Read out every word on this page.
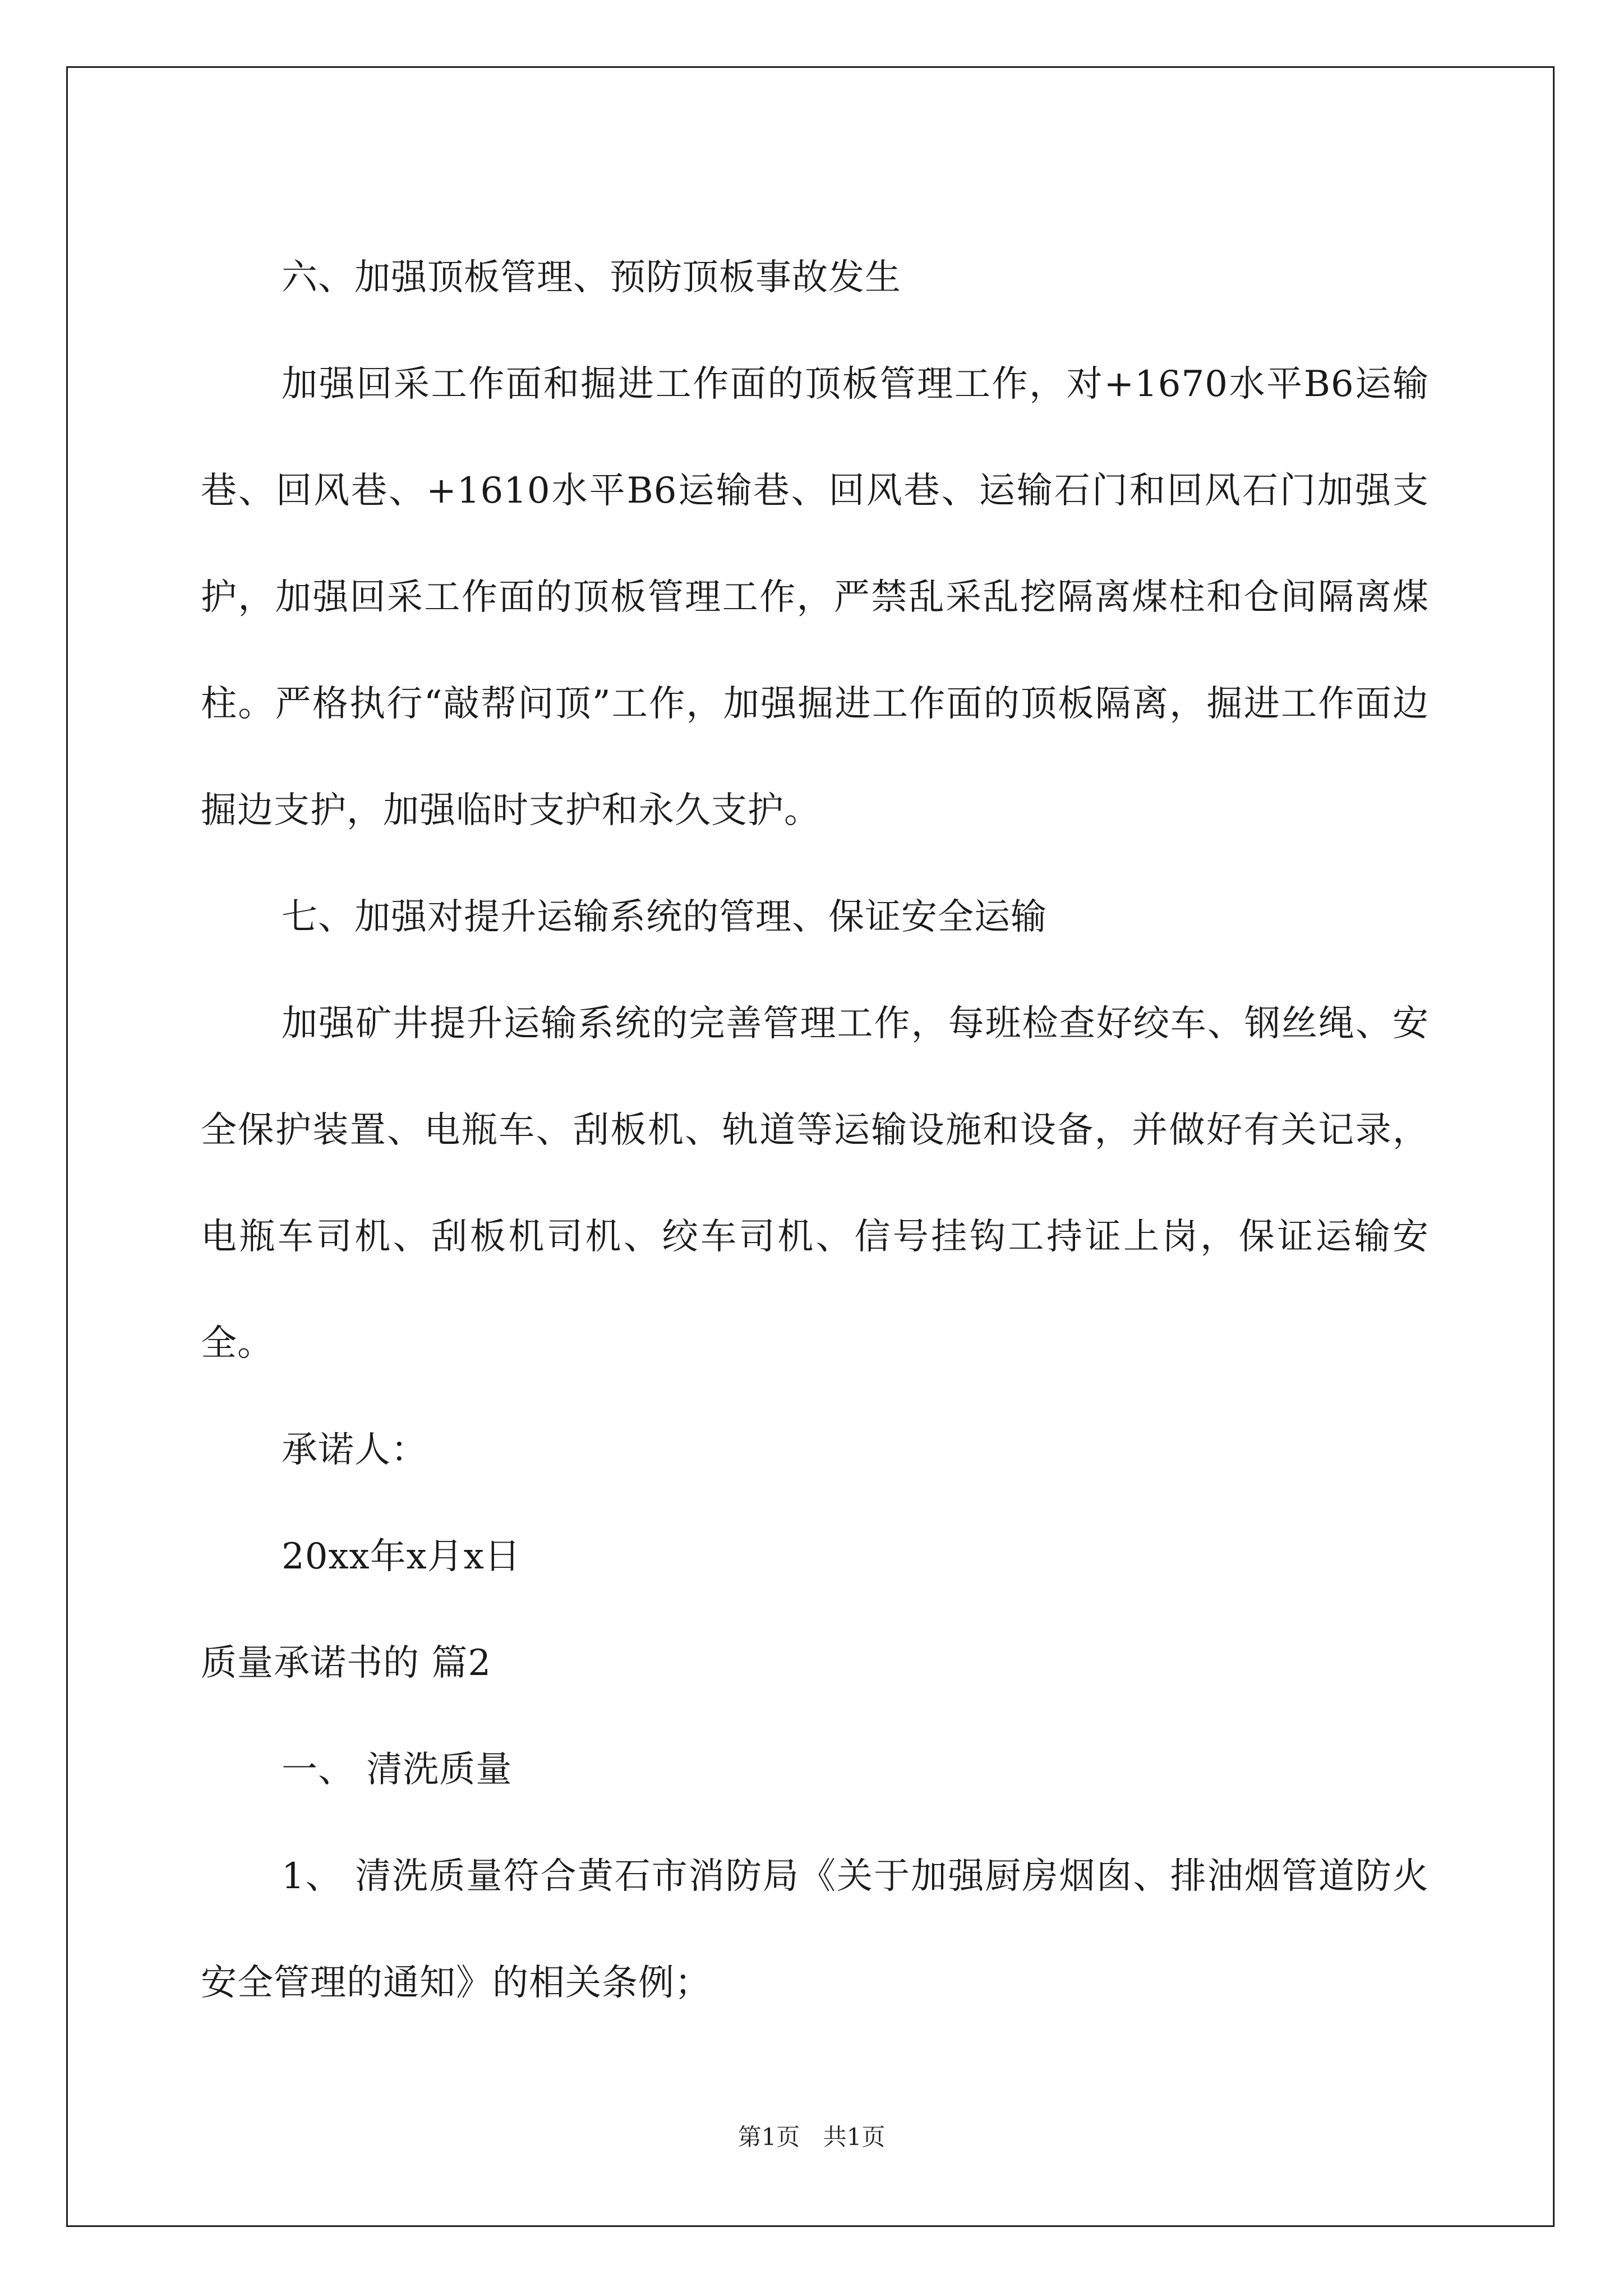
六、加强顶板管理、预防顶板事故发生

加强回采工作面和掘进工作面的顶板管理工作，对+1670水平B6运输巷、回风巷、+1610水平B6运输巷、回风巷、运输石门和回风石门加强支护，加强回采工作面的顶板管理工作，严禁乱采乱挖隔离煤柱和仓间隔离煤柱。严格执行“敲帮问顶”工作，加强掘进工作面的顶板隔离，掘进工作面边掘边支护，加强临时支护和永久支护。

七、加强对提升运输系统的管理、保证安全运输

加强矿井提升运输系统的完善管理工作，每班检查好绞车、钢丝绳、安全保护装置、电瓶车、刮板机、轨道等运输设施和设备，并做好有关记录，电瓶车司机、刮板机司机、绞车司机、信号挂钩工持证上岗，保证运输安全。

承诺人：

20xx年x月x日

质量承诺书的 篇2

一、 清洗质量

1、 清洗质量符合黄石市消防局《关于加强厨房烟囱、排油烟管道防火安全管理的通知》的相关条例；

第1页 共1页
